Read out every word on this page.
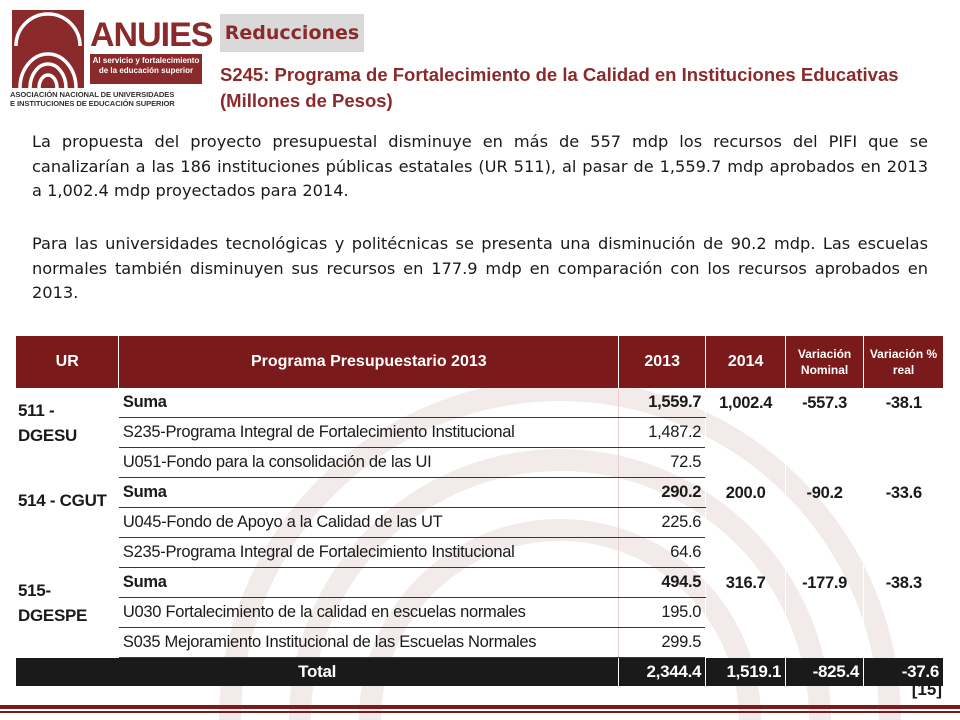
ANUIES
Al servicio y fortalecimiento de la educación superior
ASOCIACIÓN NACIONAL DE UNIVERSIDADES
E INSTITUCIONES DE EDUCACIÓN SUPERIOR
Reducciones
S245: Programa de Fortalecimiento de la Calidad en Instituciones Educativas
(Millones de Pesos)

La propuesta del proyecto presupuestal disminuye en más de 557 mdp los recursos del PIFI que se canalizarían a las 186 instituciones públicas estatales (UR 511), al pasar de 1,559.7 mdp aprobados en 2013 a 1,002.4 mdp proyectados para 2014.

Para las universidades tecnológicas y politécnicas se presenta una disminución de 90.2 mdp. Las escuelas normales también disminuyen sus recursos en 177.9 mdp en comparación con los recursos aprobados en 2013.

UR	Programa Presupuestario 2013	2013	2014	Variación Nominal	Variación % real
511 - DGESU	Suma	1,559.7	1,002.4	-557.3	-38.1
	S235-Programa Integral de Fortalecimiento Institucional	1,487.2			
	U051-Fondo para la consolidación de las UI	72.5			
514 - CGUT	Suma	290.2	200.0	-90.2	-33.6
	U045-Fondo de Apoyo a la Calidad de las UT	225.6			
	S235-Programa Integral de Fortalecimiento Institucional	64.6			
515- DGESPE	Suma	494.5	316.7	-177.9	-38.3
	U030 Fortalecimiento de la calidad en escuelas normales	195.0			
	S035 Mejoramiento Institucional de las Escuelas Normales	299.5			
Total		2,344.4	1,519.1	-825.4	-37.6
[15]
